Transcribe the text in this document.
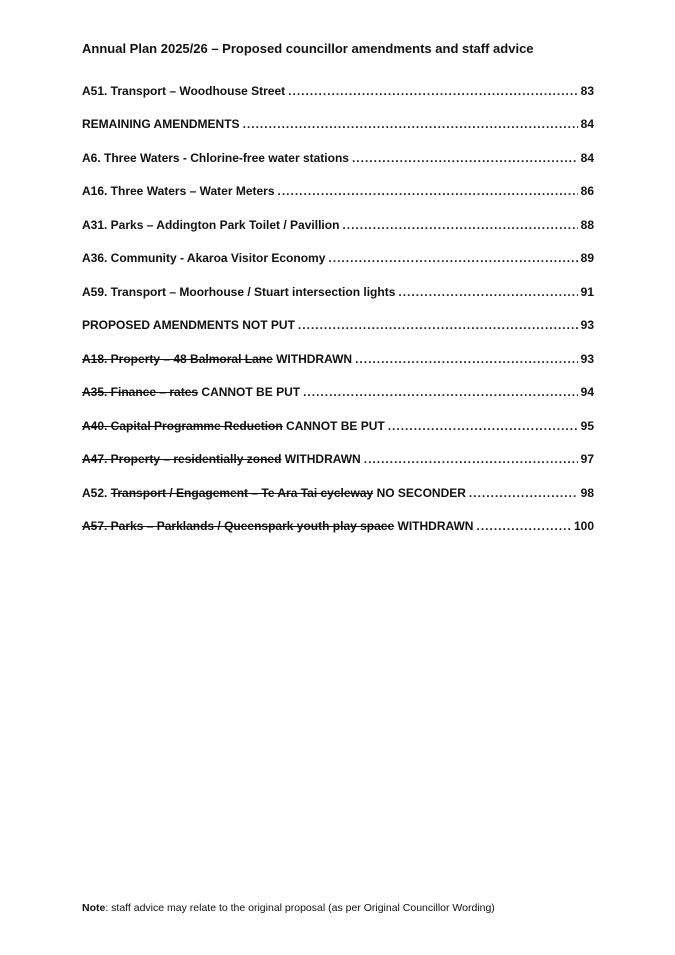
Annual Plan 2025/26 – Proposed councillor amendments and staff advice
A51. Transport – Woodhouse Street .....	83
REMAINING AMENDMENTS .....	84
A6. Three Waters - Chlorine-free water stations .....	84
A16. Three Waters – Water Meters .....	86
A31. Parks – Addington Park Toilet / Pavillion .....	88
A36. Community - Akaroa Visitor Economy .....	89
A59. Transport – Moorhouse / Stuart intersection lights .....	91
PROPOSED AMENDMENTS NOT PUT .....	93
A18. Property – 48 Balmoral Lane WITHDRAWN .....	93
A35. Finance – rates CANNOT BE PUT .....	94
A40. Capital Programme Reduction CANNOT BE PUT .....	95
A47. Property – residentially zoned WITHDRAWN .....	97
A52. Transport / Engagement – Te Ara Tai cycleway NO SECONDER .....	98
A57. Parks – Parklands / Queenspark youth play space WITHDRAWN .....	100
Note: staff advice may relate to the original proposal (as per Original Councillor Wording)
